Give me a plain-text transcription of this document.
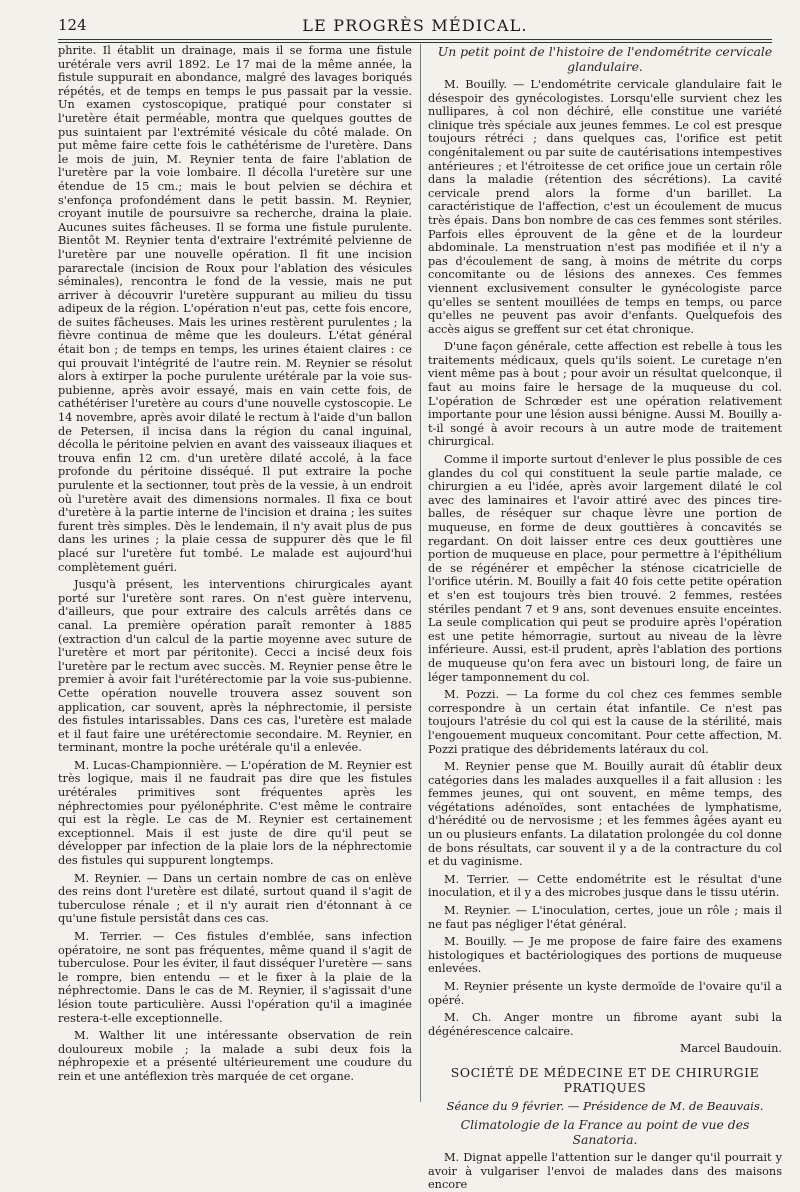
124	LE PROGRÈS MÉDICAL.

phrite. Il établit un drainage, mais il se forma une fistule urétérale vers avril 1892. Le 17 mai de la même année, la fistule suppurait en abondance, malgré des lavages boriqués répétés, et de temps en temps le pus passait par la vessie. Un examen cystoscopique, pratiqué pour constater si l'uretère était perméable, montra que quelques gouttes de pus suintaient par l'extrémité vésicale du côté malade. On put même faire cette fois le cathétérisme de l'uretère. Dans le mois de juin, M. Reynier tenta de faire l'ablation de l'uretère par la voie lombaire. Il décolla l'uretère sur une étendue de 15 cm.; mais le bout pelvien se déchira et s'enfonça profondément dans le petit bassin. M. Reynier, croyant inutile de poursuivre sa recherche, draina la plaie. Aucunes suites fâcheuses. Il se forma une fistule purulente. Bientôt M. Reynier tenta d'extraire l'extrémité pelvienne de l'uretère par une nouvelle opération. Il fit une incision pararectale (incision de Roux pour l'ablation des vésicules séminales), rencontra le fond de la vessie, mais ne put arriver à découvrir l'uretère suppurant au milieu du tissu adipeux de la région. L'opération n'eut pas, cette fois encore, de suites fâcheuses. Mais les urines restèrent purulentes ; la fièvre continua de même que les douleurs. L'état général était bon ; de temps en temps, les urines étaient claires : ce qui prouvait l'intégrité de l'autre rein. M. Reynier se résolut alors à extirper la poche purulente urétérale par la voie sus-pubienne, après avoir essayé, mais en vain cette fois, de cathétériser l'uretère au cours d'une nouvelle cystoscopie. Le 14 novembre, après avoir dilaté le rectum à l'aide d'un ballon de Petersen, il incisa dans la région du canal inguinal, décolla le péritoine pelvien en avant des vaisseaux iliaques et trouva enfin 12 cm. d'un uretère dilaté accolé, à la face profonde du péritoine disséqué. Il put extraire la poche purulente et la sectionner, tout près de la vessie, à un endroit où l'uretère avait des dimensions normales. Il fixa ce bout d'uretère à la partie interne de l'incision et draina ; les suites furent très simples. Dès le lendemain, il n'y avait plus de pus dans les urines ; la plaie cessa de suppurer dès que le fil placé sur l'uretère fut tombé. Le malade est aujourd'hui complètement guéri.

Jusqu'à présent, les interventions chirurgicales ayant porté sur l'uretère sont rares. On n'est guère intervenu, d'ailleurs, que pour extraire des calculs arrêtés dans ce canal. La première opération paraît remonter à 1885 (extraction d'un calcul de la partie moyenne avec suture de l'uretère et mort par péritonite). Cecci a incisé deux fois l'uretère par le rectum avec succès. M. Reynier pense être le premier à avoir fait l'urétérectomie par la voie sus-pubienne. Cette opération nouvelle trouvera assez souvent son application, car souvent, après la néphrectomie, il persiste des fistules intarissables. Dans ces cas, l'uretère est malade et il faut faire une urétérectomie secondaire. M. Reynier, en terminant, montre la poche urétérale qu'il a enlevée.

M. Lucas-Championnière. — L'opération de M. Reynier est très logique, mais il ne faudrait pas dire que les fistules urétérales primitives sont fréquentes après les néphrectomies pour pyélonéphrite. C'est même le contraire qui est la règle. Le cas de M. Reynier est certainement exceptionnel. Mais il est juste de dire qu'il peut se développer par infection de la plaie lors de la néphrectomie des fistules qui suppurent longtemps.

M. Reynier. — Dans un certain nombre de cas on enlève des reins dont l'uretère est dilaté, surtout quand il s'agit de tuberculose rénale ; et il n'y aurait rien d'étonnant à ce qu'une fistule persistât dans ces cas.

M. Terrier. — Ces fistules d'emblée, sans infection opératoire, ne sont pas fréquentes, même quand il s'agit de tuberculose. Pour les éviter, il faut disséquer l'uretère — sans le rompre, bien entendu — et le fixer à la plaie de la néphrectomie. Dans le cas de M. Reynier, il s'agissait d'une lésion toute particulière. Aussi l'opération qu'il a imaginée restera-t-elle exceptionnelle.

M. Walther lit une intéressante observation de rein douloureux mobile ; la malade a subi deux fois la néphropexie et a présenté ultérieurement une coudure du rein et une antéflexion très marquée de cet organe.

Un petit point de l'histoire de l'endométrite cervicale glandulaire.

M. Bouilly. — L'endométrite cervicale glandulaire fait le désespoir des gynécologistes. Lorsqu'elle survient chez les nullipares, à col non déchiré, elle constitue une variété clinique très spéciale aux jeunes femmes. Le col est presque toujours rétréci ; dans quelques cas, l'orifice est petit congénitalement ou par suite de cautérisations intempestives antérieures ; et l'étroitesse de cet orifice joue un certain rôle dans la maladie (rétention des sécrétions). La cavité cervicale prend alors la forme d'un barillet. La caractéristique de l'affection, c'est un écoulement de mucus très épais. Dans bon nombre de cas ces femmes sont stériles. Parfois elles éprouvent de la gêne et de la lourdeur abdominale. La menstruation n'est pas modifiée et il n'y a pas d'écoulement de sang, à moins de métrite du corps concomitante ou de lésions des annexes. Ces femmes viennent exclusivement consulter le gynécologiste parce qu'elles se sentent mouillées de temps en temps, ou parce qu'elles ne peuvent pas avoir d'enfants. Quelquefois des accès aigus se greffent sur cet état chronique.

D'une façon générale, cette affection est rebelle à tous les traitements médicaux, quels qu'ils soient. Le curetage n'en vient même pas à bout ; pour avoir un résultat quelconque, il faut au moins faire le hersage de la muqueuse du col. L'opération de Schrœder est une opération relativement importante pour une lésion aussi bénigne. Aussi M. Bouilly a-t-il songé à avoir recours à un autre mode de traitement chirurgical.

Comme il importe surtout d'enlever le plus possible de ces glandes du col qui constituent la seule partie malade, ce chirurgien a eu l'idée, après avoir largement dilaté le col avec des laminaires et l'avoir attiré avec des pinces tire-balles, de réséquer sur chaque lèvre une portion de muqueuse, en forme de deux gouttières à concavités se regardant. On doit laisser entre ces deux gouttières une portion de muqueuse en place, pour permettre à l'épithélium de se régénérer et empêcher la sténose cicatricielle de l'orifice utérin. M. Bouilly a fait 40 fois cette petite opération et s'en est toujours très bien trouvé. 2 femmes, restées stériles pendant 7 et 9 ans, sont devenues ensuite enceintes. La seule complication qui peut se produire après l'opération est une petite hémorragie, surtout au niveau de la lèvre inférieure. Aussi, est-il prudent, après l'ablation des portions de muqueuse qu'on fera avec un bistouri long, de faire un léger tamponnement du col.

M. Pozzi. — La forme du col chez ces femmes semble correspondre à un certain état infantile. Ce n'est pas toujours l'atrésie du col qui est la cause de la stérilité, mais l'engouement muqueux concomitant. Pour cette affection, M. Pozzi pratique des débridements latéraux du col.

M. Reynier pense que M. Bouilly aurait dû établir deux catégories dans les malades auxquelles il a fait allusion : les femmes jeunes, qui ont souvent, en même temps, des végétations adénoïdes, sont entachées de lymphatisme, d'hérédité ou de nervosisme ; et les femmes âgées ayant eu un ou plusieurs enfants. La dilatation prolongée du col donne de bons résultats, car souvent il y a de la contracture du col et du vaginisme.

M. Terrier. — Cette endométrite est le résultat d'une inoculation, et il y a des microbes jusque dans le tissu utérin.

M. Reynier. — L'inoculation, certes, joue un rôle ; mais il ne faut pas négliger l'état général.

M. Bouilly. — Je me propose de faire faire des examens histologiques et bactériologiques des portions de muqueuse enlevées.

M. Reynier présente un kyste dermoïde de l'ovaire qu'il a opéré.

M. Ch. Anger montre un fibrome ayant subi la dégénérescence calcaire.

Marcel Baudouin.

SOCIÉTÉ DE MÉDECINE ET DE CHIRURGIE PRATIQUES
Séance du 9 février. — Présidence de M. de Beauvais.
Climatologie de la France au point de vue des Sanatoria.

M. Dignat appelle l'attention sur le danger qu'il pourrait y avoir à vulgariser l'envoi de malades dans des maisons encore
